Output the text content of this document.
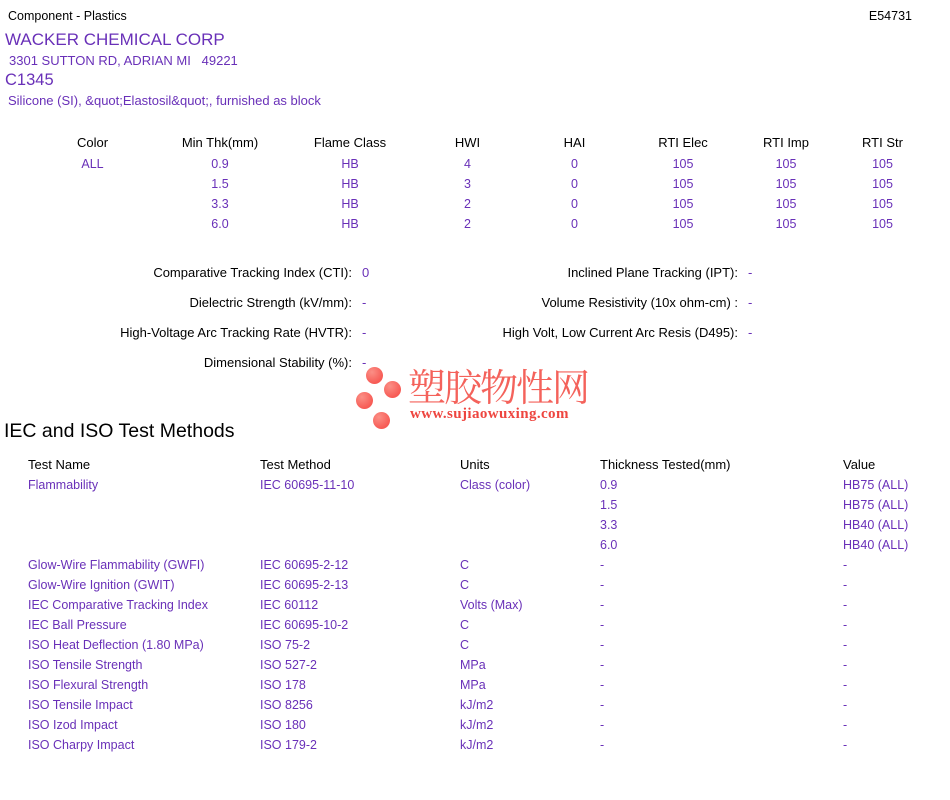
Component - Plastics	E54731
WACKER CHEMICAL CORP
3301 SUTTON RD, ADRIAN MI   49221
C1345
Silicone (SI), &quot;Elastosil&quot;, furnished as block
Color	Min Thk(mm)	Flame Class	HWI	HAI	RTI Elec	RTI Imp	RTI Str
ALL	0.9	HB	4	0	105	105	105
	1.5	HB	3	0	105	105	105
	3.3	HB	2	0	105	105	105
	6.0	HB	2	0	105	105	105
Comparative Tracking Index (CTI): 0
Dielectric Strength (kV/mm): -
High-Voltage Arc Tracking Rate (HVTR): -
Dimensional Stability (%): -
Inclined Plane Tracking (IPT): -
Volume Resistivity (10x ohm-cm) : -
High Volt, Low Current Arc Resis (D495): -
塑胶物性网
www.sujiaowuxing.com
IEC and ISO Test Methods
Test Name	Test Method	Units	Thickness Tested(mm)	Value
Flammability	IEC 60695-11-10	Class (color)	0.9	HB75 (ALL)
			1.5	HB75 (ALL)
			3.3	HB40 (ALL)
			6.0	HB40 (ALL)
Glow-Wire Flammability (GWFI)	IEC 60695-2-12	C	-	-
Glow-Wire Ignition (GWIT)	IEC 60695-2-13	C	-	-
IEC Comparative Tracking Index	IEC 60112	Volts (Max)	-	-
IEC Ball Pressure	IEC 60695-10-2	C	-	-
ISO Heat Deflection (1.80 MPa)	ISO 75-2	C	-	-
ISO Tensile Strength	ISO 527-2	MPa	-	-
ISO Flexural Strength	ISO 178	MPa	-	-
ISO Tensile Impact	ISO 8256	kJ/m2	-	-
ISO Izod Impact	ISO 180	kJ/m2	-	-
ISO Charpy Impact	ISO 179-2	kJ/m2	-	-
